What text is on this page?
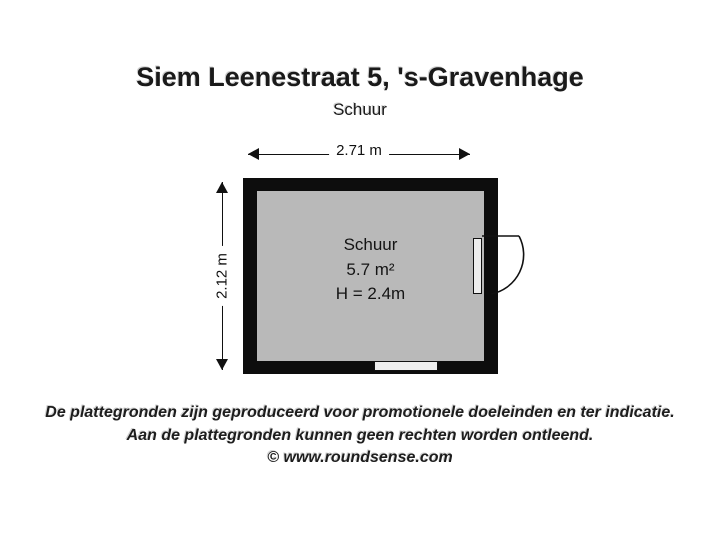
Siem Leenestraat 5, 's-Gravenhage
Schuur
2.71 m
2.12 m
Schuur
5.7 m²
H = 2.4m
De plattegronden zijn geproduceerd voor promotionele doeleinden en ter indicatie.
Aan de plattegronden kunnen geen rechten worden ontleend.
© www.roundsense.com
